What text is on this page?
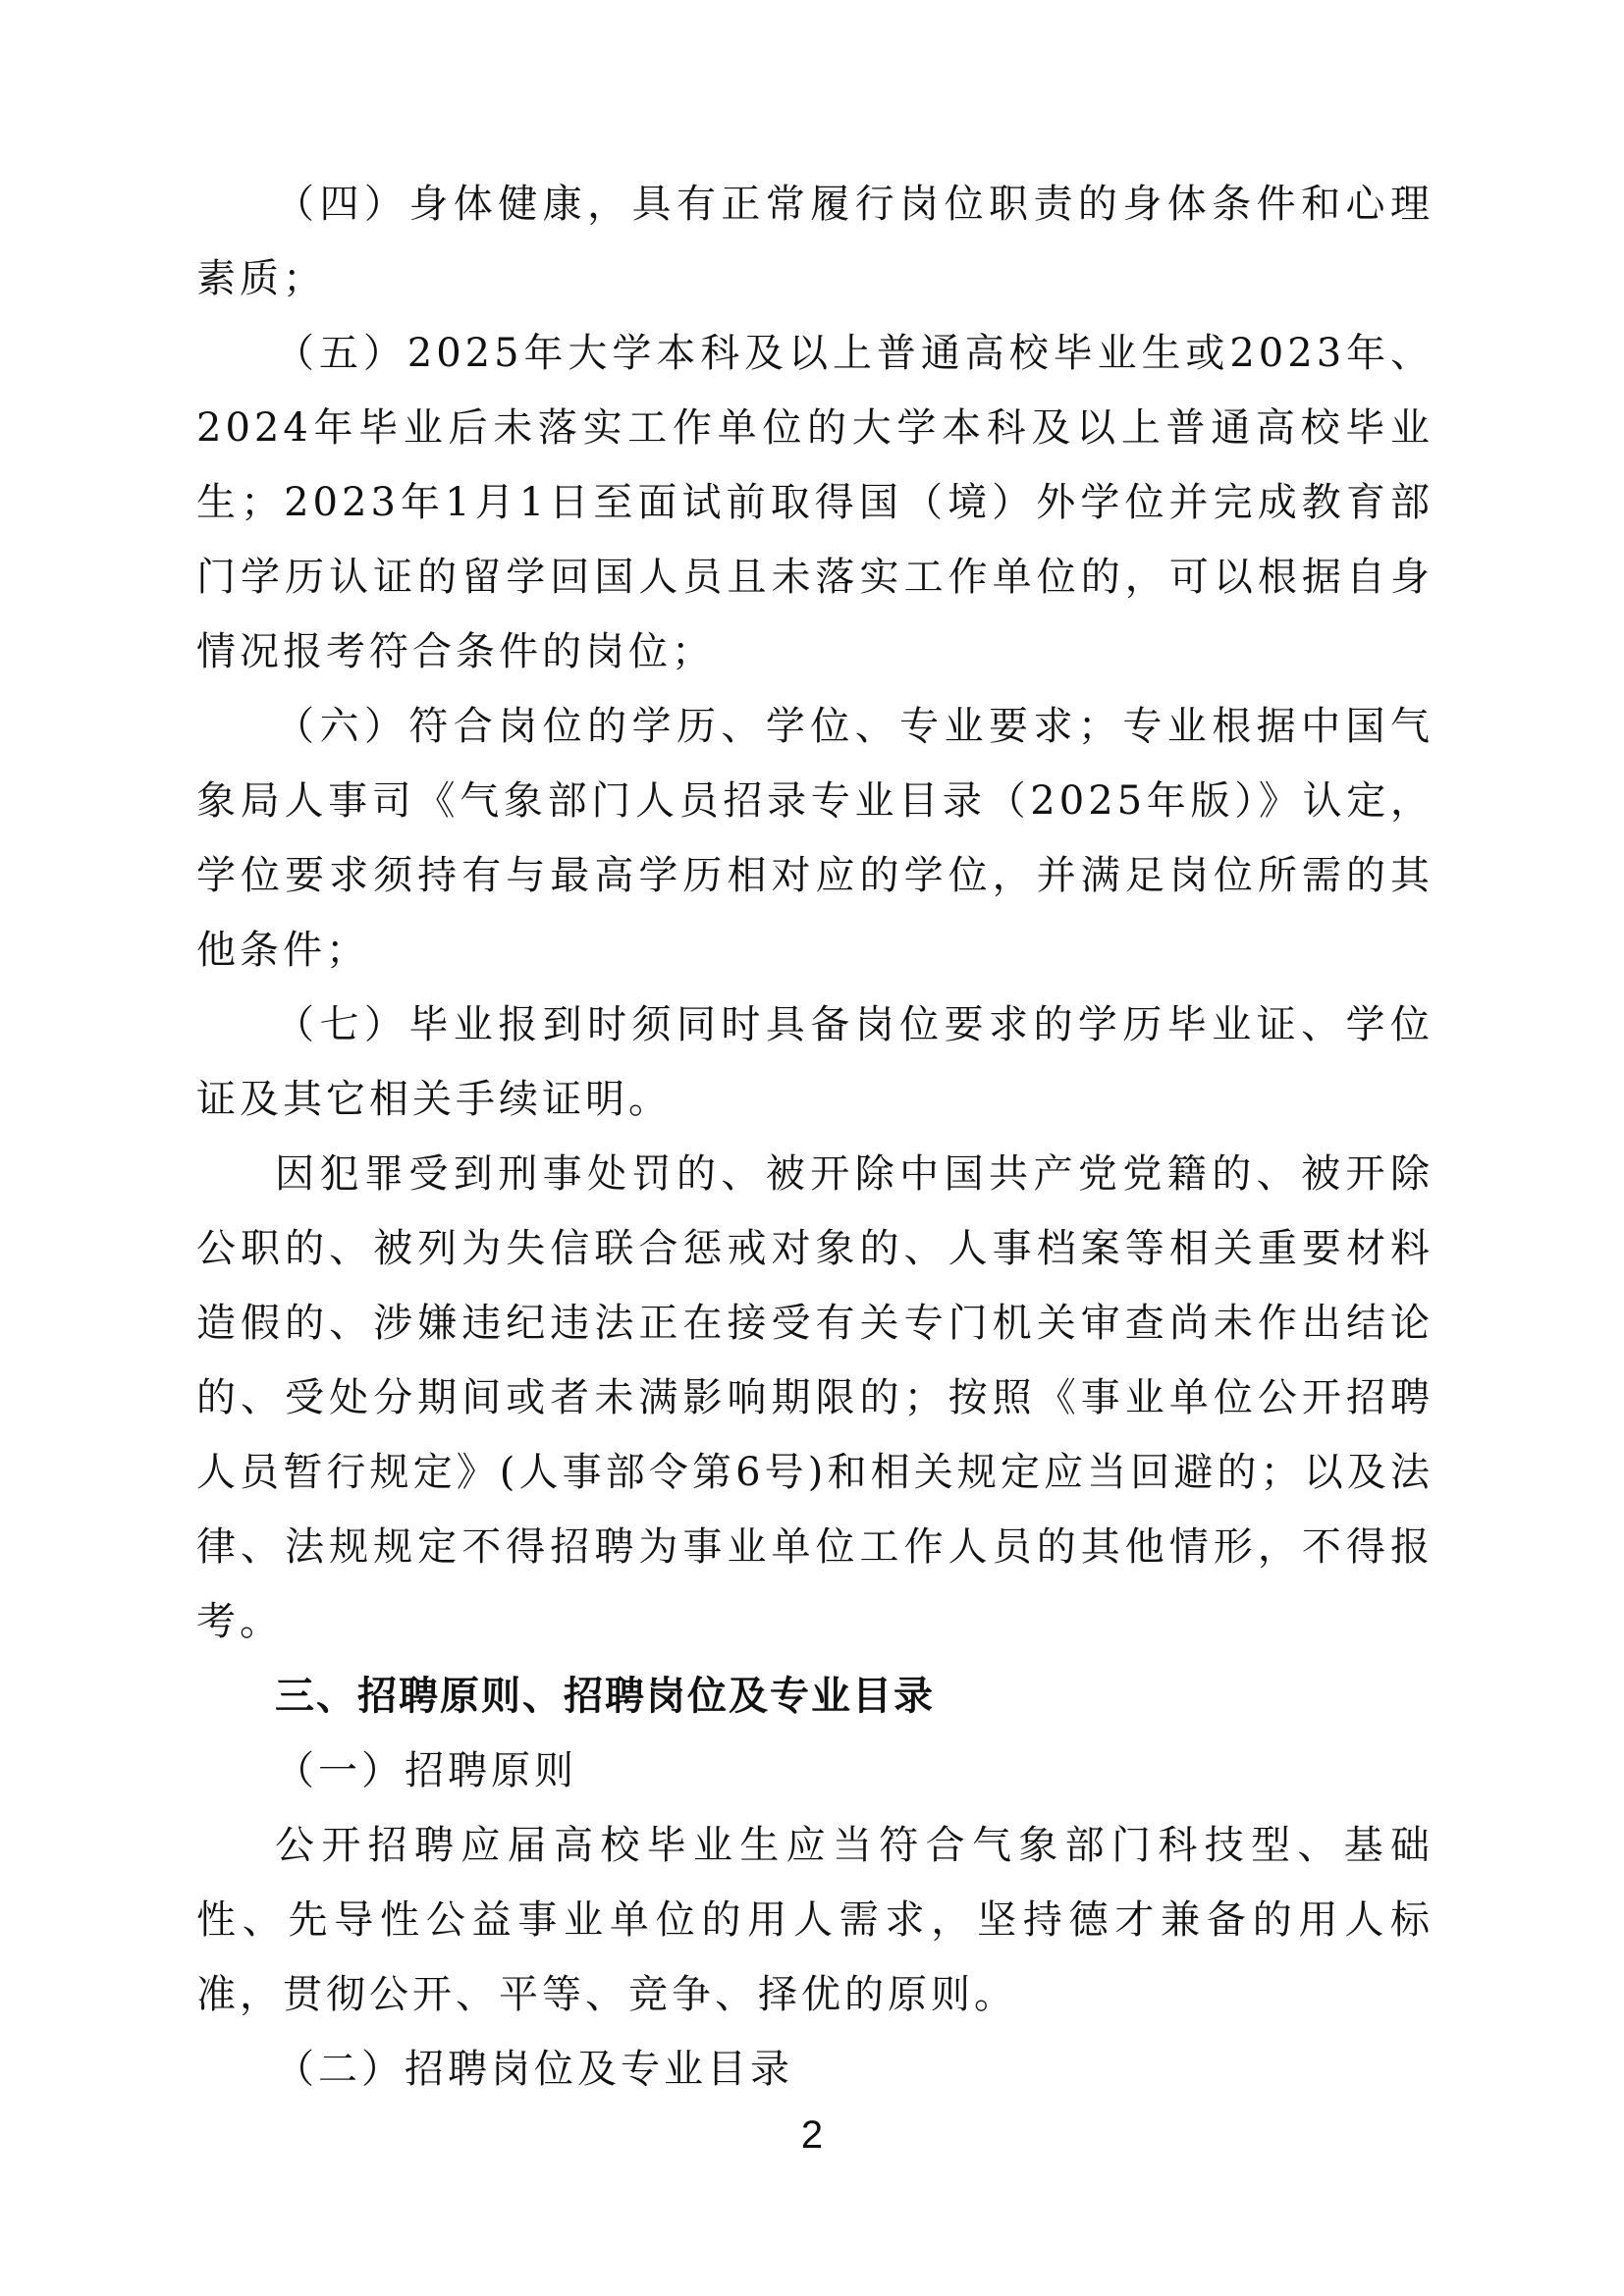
（四）身体健康，具有正常履行岗位职责的身体条件和心理素质；

（五）2025年大学本科及以上普通高校毕业生或2023年、2024年毕业后未落实工作单位的大学本科及以上普通高校毕业生；2023年1月1日至面试前取得国（境）外学位并完成教育部门学历认证的留学回国人员且未落实工作单位的，可以根据自身情况报考符合条件的岗位；

（六）符合岗位的学历、学位、专业要求；专业根据中国气象局人事司《气象部门人员招录专业目录（2025年版）》认定，学位要求须持有与最高学历相对应的学位，并满足岗位所需的其他条件；

（七）毕业报到时须同时具备岗位要求的学历毕业证、学位证及其它相关手续证明。

因犯罪受到刑事处罚的、被开除中国共产党党籍的、被开除公职的、被列为失信联合惩戒对象的、人事档案等相关重要材料造假的、涉嫌违纪违法正在接受有关专门机关审查尚未作出结论的、受处分期间或者未满影响期限的；按照《事业单位公开招聘人员暂行规定》(人事部令第6号)和相关规定应当回避的；以及法律、法规规定不得招聘为事业单位工作人员的其他情形，不得报考。

三、招聘原则、招聘岗位及专业目录

（一）招聘原则

公开招聘应届高校毕业生应当符合气象部门科技型、基础性、先导性公益事业单位的用人需求，坚持德才兼备的用人标准，贯彻公开、平等、竞争、择优的原则。

（二）招聘岗位及专业目录

2
